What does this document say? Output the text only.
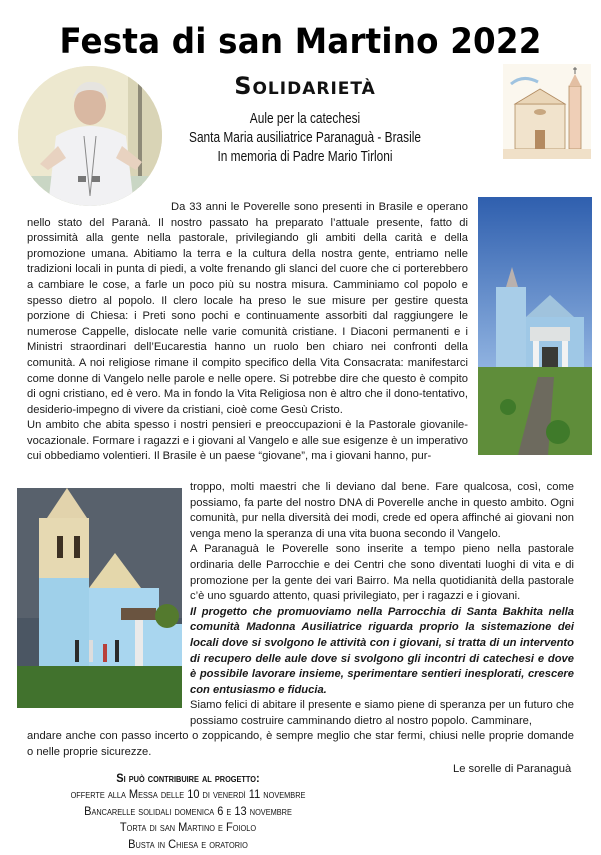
Festa di san Martino 2022
Solidarietà
Aule per la catechesi
Santa Maria ausiliatrice Paranaguà - Brasile
In memoria di Padre Mario Tirloni

Da 33 anni le Poverelle sono presenti in Brasile e operano nello stato del Paranà. Il nostro passato ha preparato l’attuale presente, fatto di prossimità alla gente nella pastorale, privilegiando gli ambiti della carità e della promozione umana. Abitiamo la terra e la cultura della nostra gente, entriamo nelle tradizioni locali in punta di piedi, a volte frenando gli slanci del cuore che ci porterebbero a cambiare le cose, a farle un poco più su nostra misura. Camminiamo col popolo e spesso dietro al popolo. Il clero locale ha preso le sue misure per gestire questa porzione di Chiesa: i Preti sono pochi e continuamente assorbiti dal raggiungere le numerose Cappelle, dislocate nelle varie comunità cristiane. I Diaconi permanenti e i Ministri straordinari dell’Eucarestia hanno un ruolo ben chiaro nei confronti della comunità. A noi religiose rimane il compito specifico della Vita Consacrata: manifestarci come donne di Vangelo nelle parole e nelle opere. Si potrebbe dire che questo è compito di ogni cristiano, ed è vero. Ma in fondo la Vita Religiosa non è altro che il dono-tentativo, desiderio-impegno di vivere da cristiani, cioè come Gesù Cristo.

Un ambito che abita spesso i nostri pensieri e preoccupazioni è la Pastorale giovanile-vocazionale. Formare i ragazzi e i giovani al Vangelo e alle sue esigenze è un imperativo cui obbediamo volentieri. Il Brasile è un paese “giovane”, ma i giovani hanno, pur-

troppo, molti maestri che li deviano dal bene. Fare qualcosa, così, come possiamo, fa parte del nostro DNA di Poverelle anche in questo ambito. Ogni comunità, pur nella diversità dei modi, crede ed opera affinché ai giovani non venga meno la speranza di una vita buona secondo il Vangelo.

A Paranaguà le Poverelle sono inserite a tempo pieno nella pastorale ordinaria delle Parrocchie e dei Centri che sono diventati luoghi di vita e di promozione per la gente dei vari Bairro. Ma nella quotidianità della pastorale c’è uno sguardo attento, quasi privilegiato, per i ragazzi e i giovani.

Il progetto che promuoviamo nella Parrocchia di Santa Bakhita nella comunità Madonna Ausiliatrice riguarda proprio la sistemazione dei locali dove si svolgono le attività con i giovani, si tratta di un intervento di recupero delle aule dove si svolgono gli incontri di catechesi e dove è possibile lavorare insieme, sperimentare sentieri inesplorati, crescere con entusiasmo e fiducia.

Siamo felici di abitare il presente e siamo piene di speranza per un futuro che possiamo costruire camminando dietro al nostro popolo. Camminare,

andare anche con passo incerto o zoppicando, è sempre meglio che star fermi, chiusi nelle proprie domande o nelle proprie sicurezze.

Le sorelle di Paranaguà
Si può contribuire al progetto:
offerte alla Messa delle 10 di venerdì 11 novembre
Bancarelle solidali domenica 6 e 13 novembre
Torta di san Martino e Foiolo
Busta in Chiesa e oratorio
